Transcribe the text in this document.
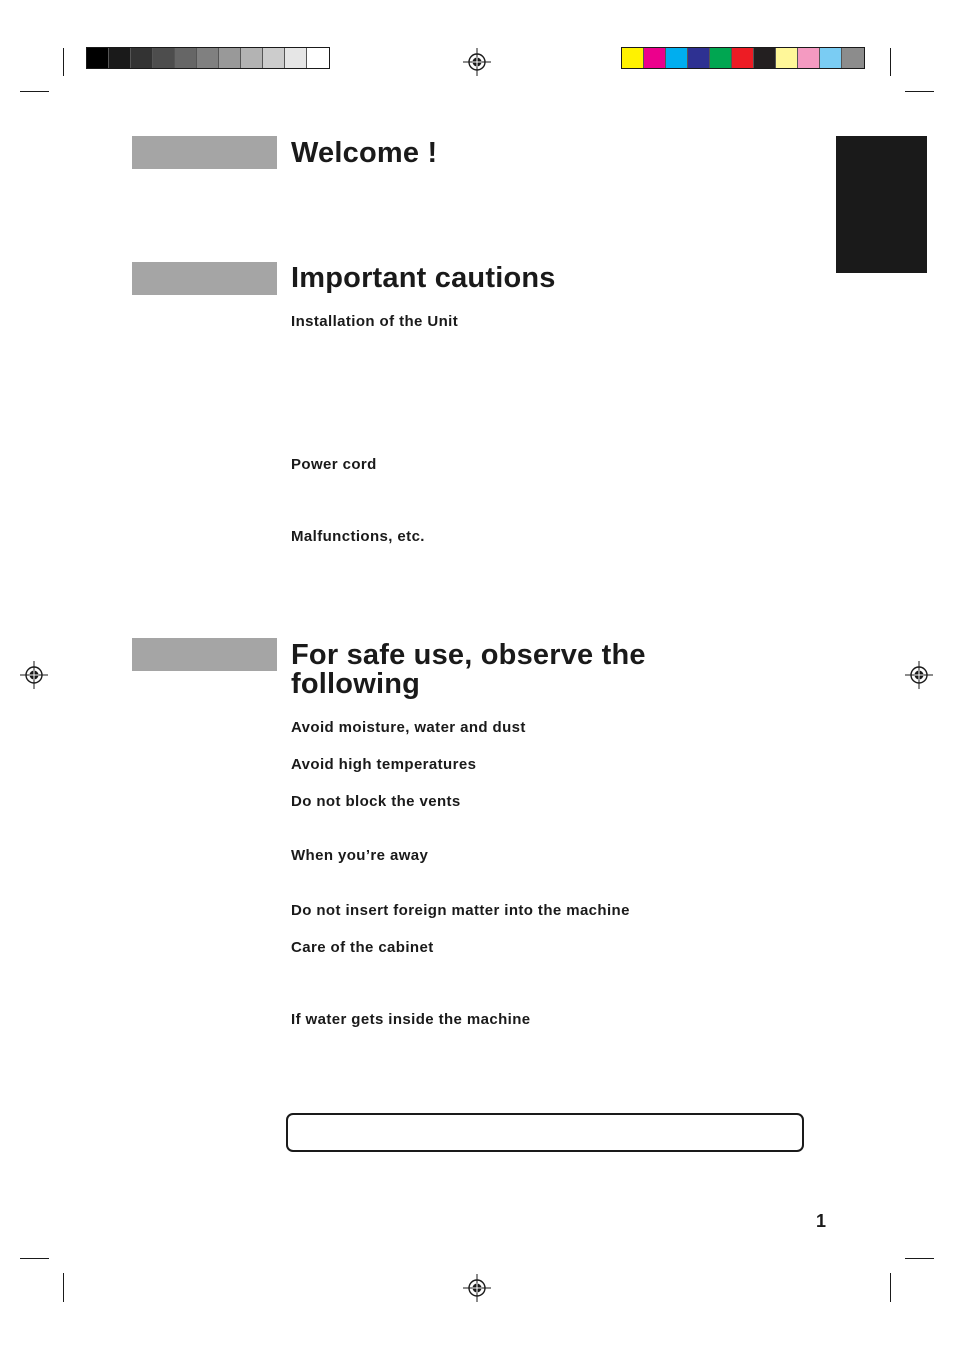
Welcome !
Important cautions
Installation of the Unit
Power cord
Malfunctions, etc.
For safe use, observe the
following
Avoid moisture, water and dust
Avoid high temperatures
Do not block the vents
When you’re away
Do not insert foreign matter into the machine
Care of the cabinet
If water gets inside the machine
1
